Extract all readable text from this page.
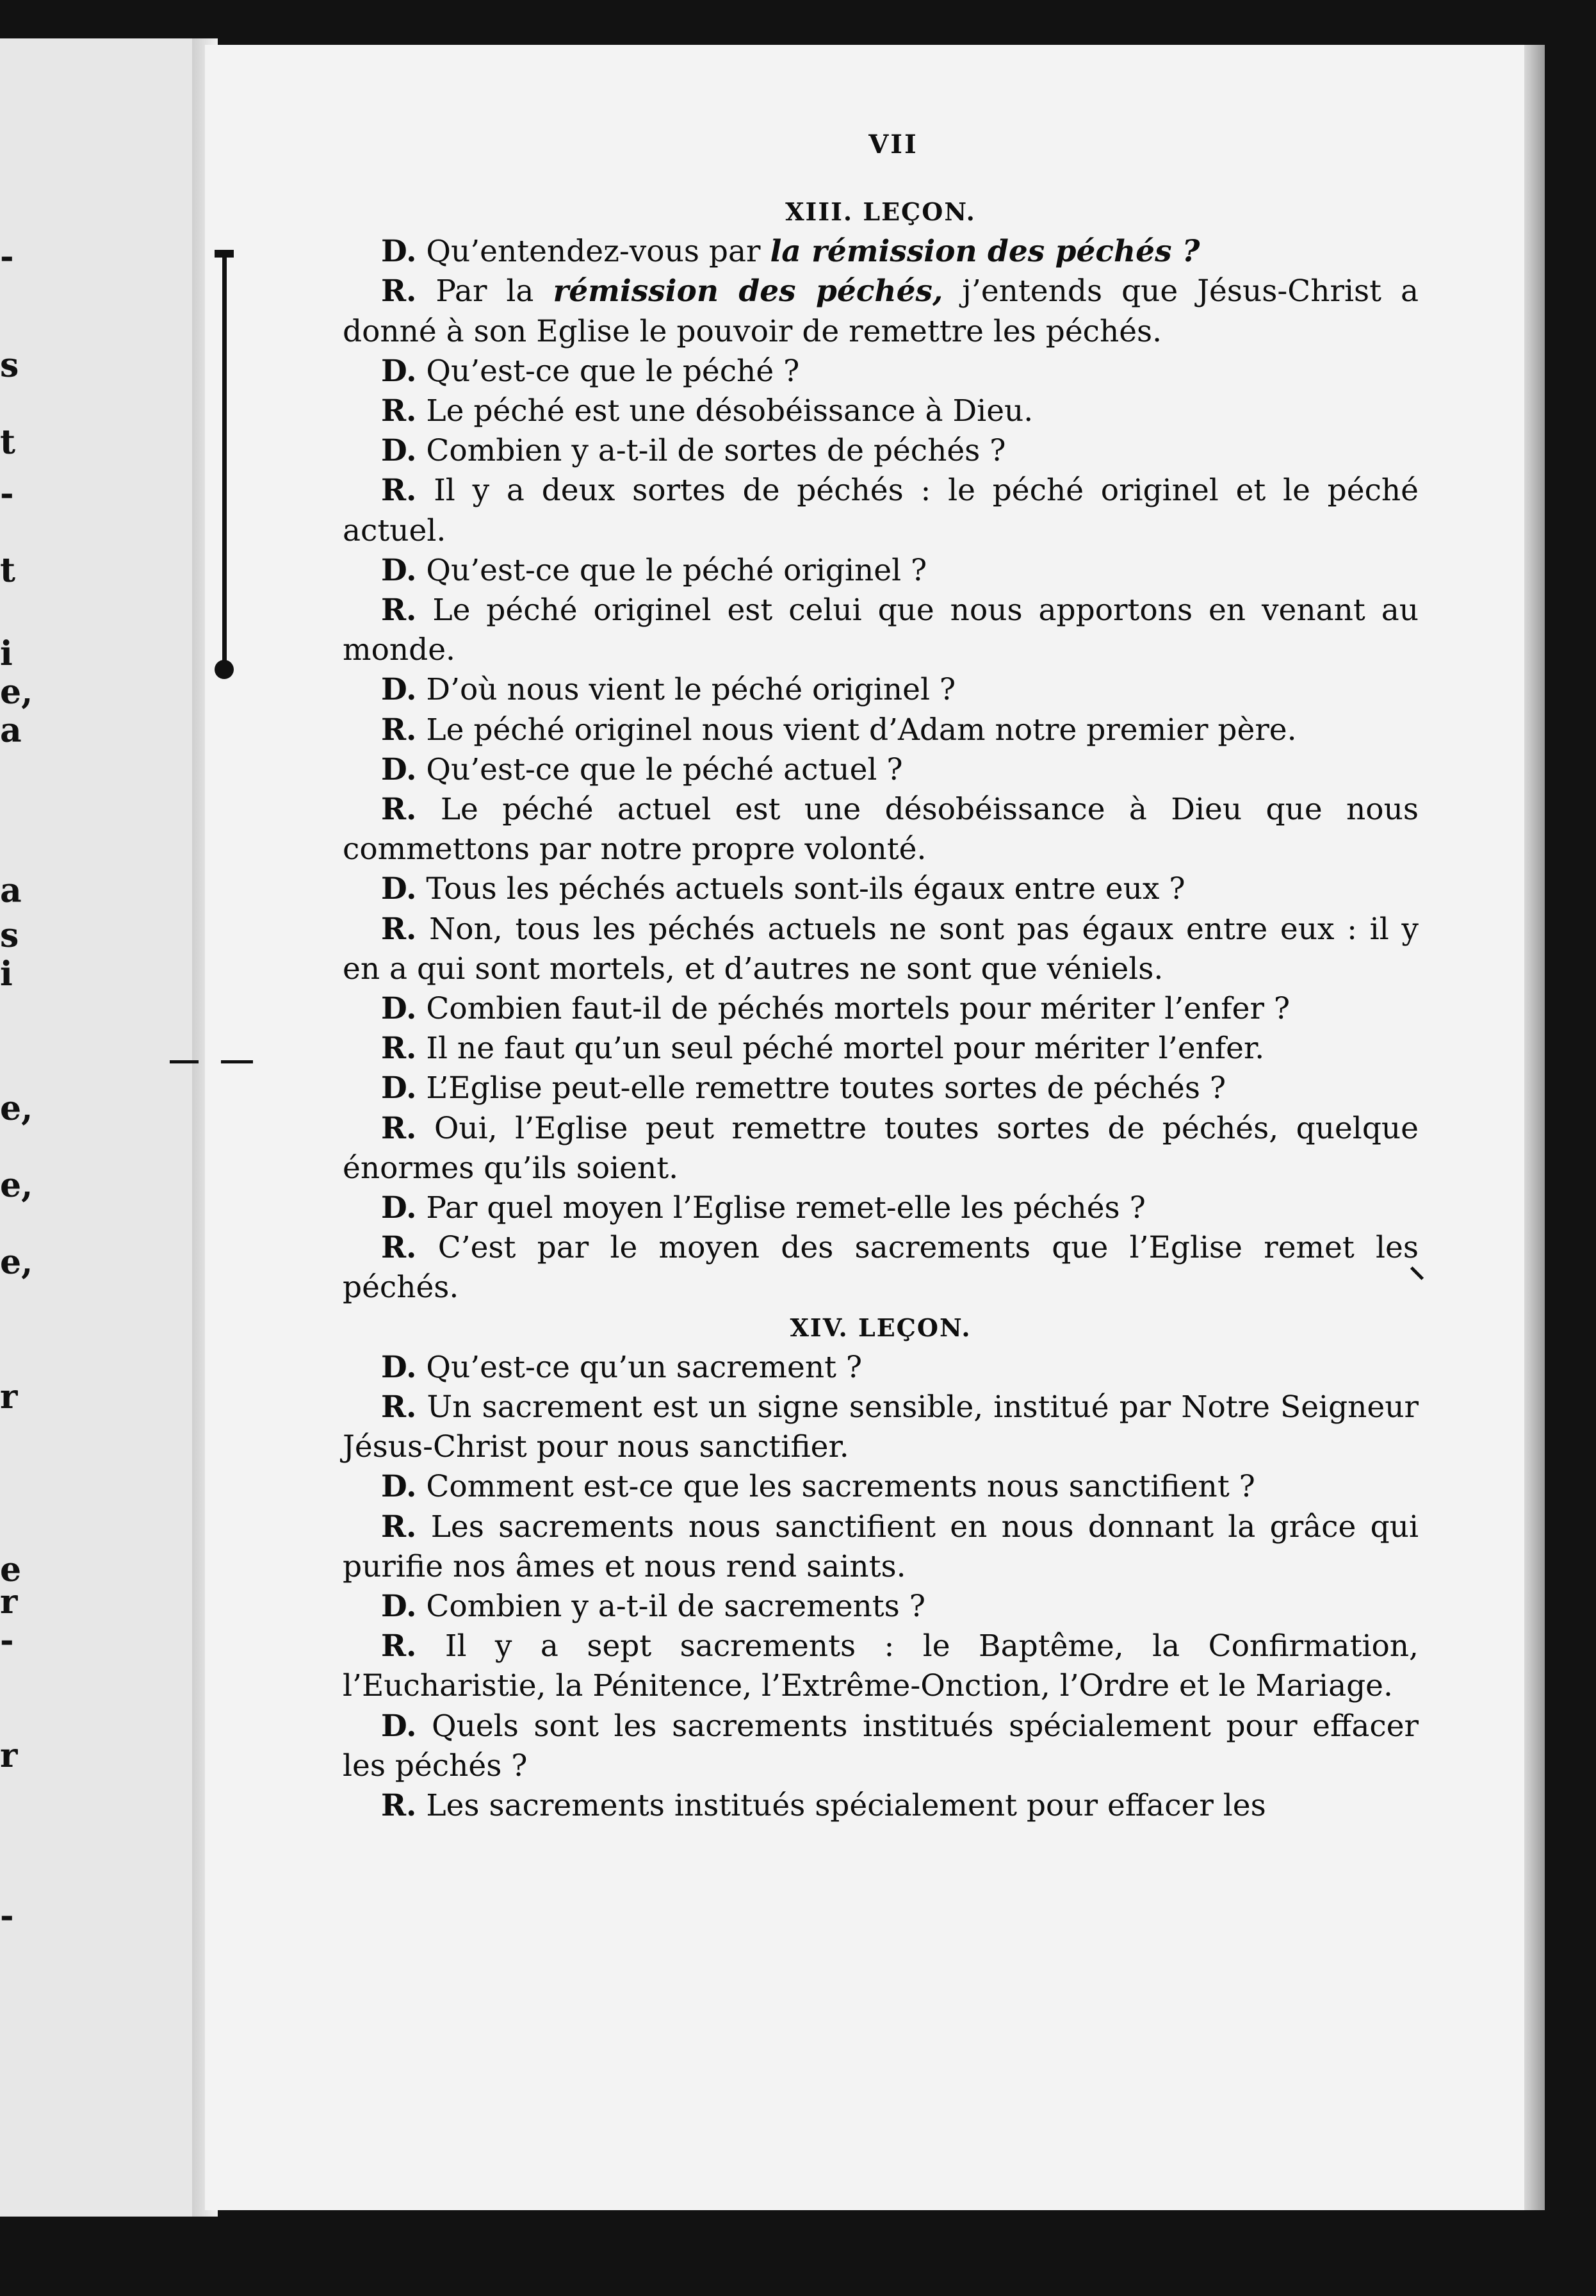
-
s
t
-
t
i
e,
a
a
s
i
e,
e,
e,
r
e
r
-
r
-
VII
XIII. LEÇON.
D. Qu’entendez-vous par la rémission des péchés ?
R. Par la rémission des péchés, j’entends que Jésus-Christ a donné à son Eglise le pouvoir de remettre les péchés.
D. Qu’est-ce que le péché ?
R. Le péché est une désobéissance à Dieu.
D. Combien y a-t-il de sortes de péchés ?
R. Il y a deux sortes de péchés : le péché originel et le péché actuel.
D. Qu’est-ce que le péché originel ?
R. Le péché originel est celui que nous apportons en venant au monde.
D. D’où nous vient le péché originel ?
R. Le péché originel nous vient d’Adam notre premier père.
D. Qu’est-ce que le péché actuel ?
R. Le péché actuel est une désobéissance à Dieu que nous commettons par notre propre volonté.
D. Tous les péchés actuels sont-ils égaux entre eux ?
R. Non, tous les péchés actuels ne sont pas égaux entre eux : il y en a qui sont mortels, et d’autres ne sont que véniels.
D. Combien faut-il de péchés mortels pour mériter l’enfer ?
R. Il ne faut qu’un seul péché mortel pour mériter l’enfer.
D. L’Eglise peut-elle remettre toutes sortes de péchés ?
R. Oui, l’Eglise peut remettre toutes sortes de péchés, quelque énormes qu’ils soient.
D. Par quel moyen l’Eglise remet-elle les péchés ?
R. C’est par le moyen des sacrements que l’Eglise remet les péchés.
XIV. LEÇON.
D. Qu’est-ce qu’un sacrement ?
R. Un sacrement est un signe sensible, institué par Notre Seigneur Jésus-Christ pour nous sanctifier.
D. Comment est-ce que les sacrements nous sanctifient ?
R. Les sacrements nous sanctifient en nous donnant la grâce qui purifie nos âmes et nous rend saints.
D. Combien y a-t-il de sacrements ?
R. Il y a sept sacrements : le Baptême, la Confirmation, l’Eucharistie, la Pénitence, l’Extrême-Onction, l’Ordre et le Mariage.
D. Quels sont les sacrements institués spécialement pour effacer les péchés ?
R. Les sacrements institués spécialement pour effacer les
